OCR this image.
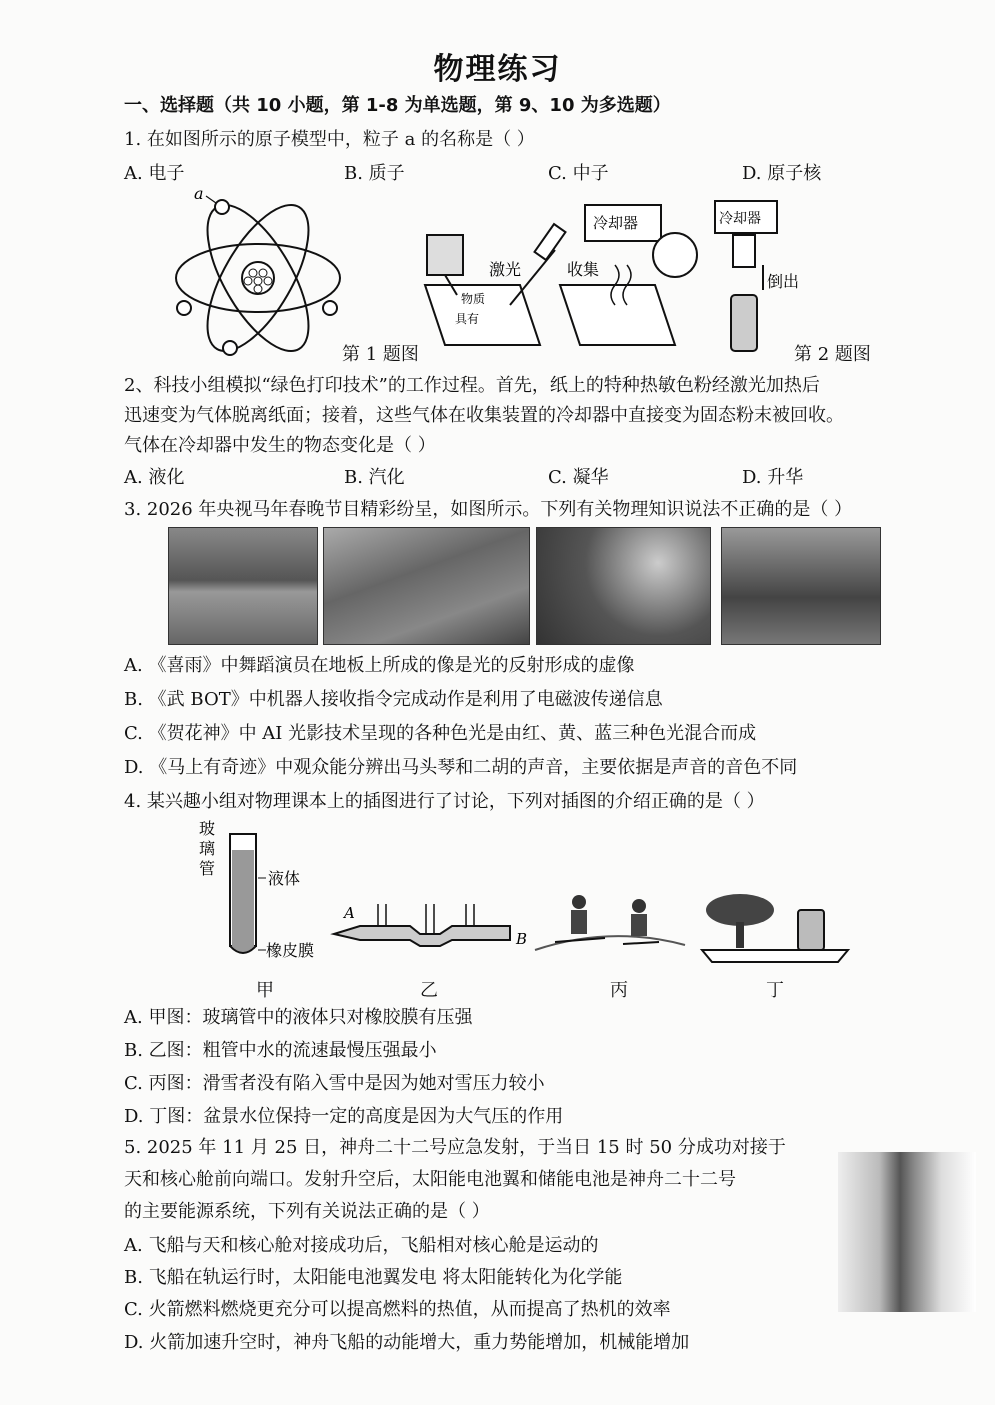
物理练习
一、选择题（共 10 小题，第 1-8 为单选题，第 9、10 为多选题）
1. 在如图所示的原子模型中，粒子 a 的名称是（ ）
A. 电子	B. 质子	C. 中子	D. 原子核
a
激光
物质
具有
冷却器
收集
冷却器
倒出
第 1 题图	第 2 题图
2、科技小组模拟“绿色打印技术”的工作过程。首先，纸上的特种热敏色粉经激光加热后
迅速变为气体脱离纸面；接着，这些气体在收集装置的冷却器中直接变为固态粉末被回收。
气体在冷却器中发生的物态变化是（ ）
A. 液化	B. 汽化	C. 凝华	D. 升华
3. 2026 年央视马年春晚节目精彩纷呈，如图所示。下列有关物理知识说法不正确的是（ ）
A. 《喜雨》中舞蹈演员在地板上所成的像是光的反射形成的虚像
B. 《武 BOT》中机器人接收指令完成动作是利用了电磁波传递信息
C. 《贺花神》中 AI 光影技术呈现的各种色光是由红、黄、蓝三种色光混合而成
D. 《马上有奇迹》中观众能分辨出马头琴和二胡的声音，主要依据是声音的音色不同
4. 某兴趣小组对物理课本上的插图进行了讨论，下列对插图的介绍正确的是（ ）
玻
璃
管
液体
橡皮膜
A
B
甲	乙	丙	丁
A. 甲图：玻璃管中的液体只对橡胶膜有压强
B. 乙图：粗管中水的流速最慢压强最小
C. 丙图：滑雪者没有陷入雪中是因为她对雪压力较小
D. 丁图：盆景水位保持一定的高度是因为大气压的作用
5. 2025 年 11 月 25 日，神舟二十二号应急发射，于当日 15 时 50 分成功对接于
天和核心舱前向端口。发射升空后，太阳能电池翼和储能电池是神舟二十二号
的主要能源系统，下列有关说法正确的是（ ）
A. 飞船与天和核心舱对接成功后，飞船相对核心舱是运动的
B. 飞船在轨运行时，太阳能电池翼发电 将太阳能转化为化学能
C. 火箭燃料燃烧更充分可以提高燃料的热值，从而提高了热机的效率
D. 火箭加速升空时，神舟飞船的动能增大，重力势能增加，机械能增加
